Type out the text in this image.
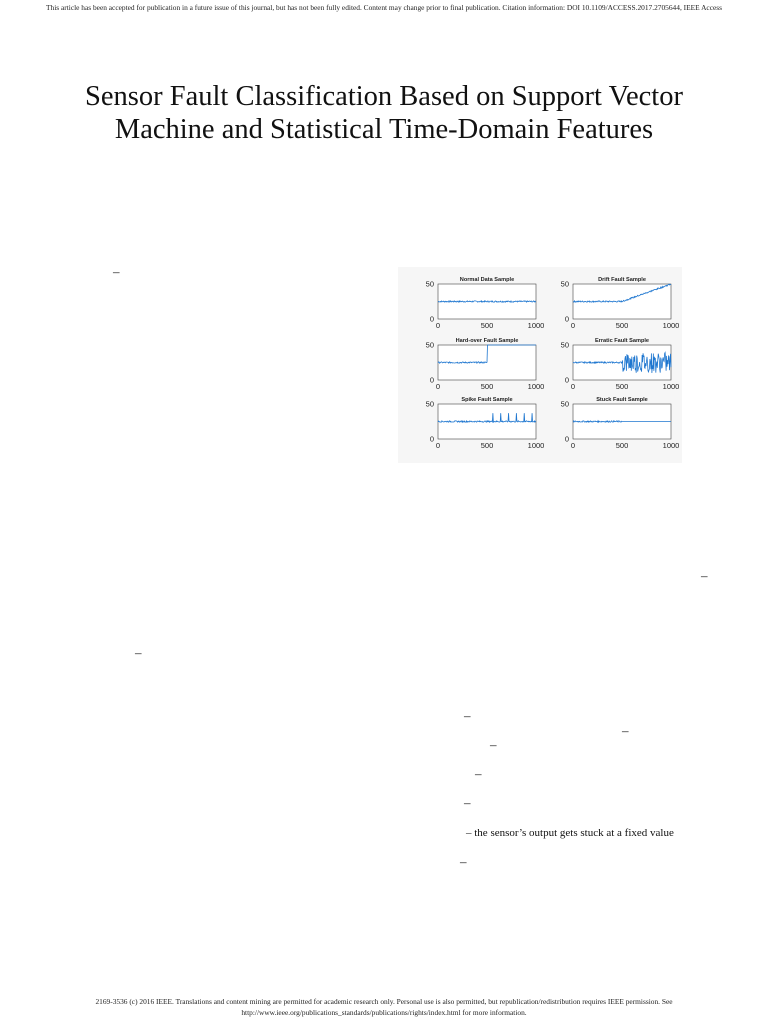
This article has been accepted for publication in a future issue of this journal, but has not been fully edited. Content may change prior to final publication. Citation information: DOI 10.1109/ACCESS.2017.2705644, IEEE Access
Sensor Fault Classification Based on Support Vector Machine and Statistical Time-Domain Features
–
–
–
–
–
–
–
–
– the sensor’s output gets stuck at a fixed value
–
Normal Data Sample
50
0
0	500	1000
Drift Fault Sample
50
0
0	500	1000
Hard-over Fault Sample
50
0
0	500	1000
Erratic Fault Sample
50
0
0	500	1000
Spike Fault Sample
50
0
0	500	1000
Stuck Fault Sample
50
0
0	500	1000
2169-3536 (c) 2016 IEEE. Translations and content mining are permitted for academic research only. Personal use is also permitted, but republication/redistribution requires IEEE permission. See http://www.ieee.org/publications_standards/publications/rights/index.html for more information.
